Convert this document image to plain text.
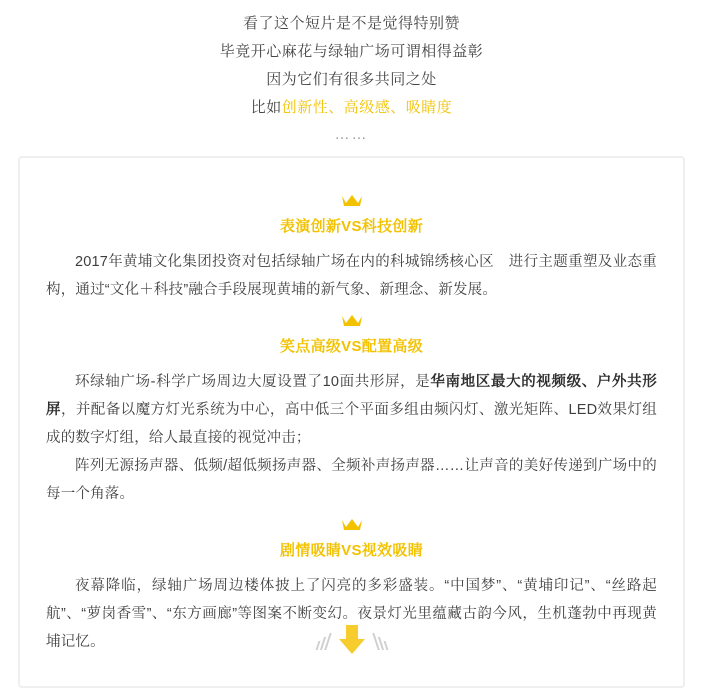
看了这个短片是不是觉得特别赞
毕竟开心麻花与绿轴广场可谓相得益彰
因为它们有很多共同之处
比如创新性、高级感、吸睛度
……
表演创新VS科技创新

2017年黄埔文化集团投资对包括绿轴广场在内的科城锦绣核心区　进行主题重塑及业态重构，通过“文化＋科技”融合手段展现黄埔的新气象、新理念、新发展。

笑点高级VS配置高级

环绿轴广场-科学广场周边大厦设置了10面共形屏，是华南地区最大的视频级、户外共形屏，并配备以魔方灯光系统为中心，高中低三个平面多组由频闪灯、激光矩阵、LED效果灯组成的数字灯组，给人最直接的视觉冲击；

阵列无源扬声器、低频/超低频扬声器、全频补声扬声器……让声音的美好传递到广场中的每一个角落。

剧情吸睛VS视效吸睛

夜幕降临，绿轴广场周边楼体披上了闪亮的多彩盛装。“中国梦”、“黄埔印记”、“丝路起航”、“萝岗香雪”、“东方画廊”等图案不断变幻。夜景灯光里蕴藏古韵今风，生机蓬勃中再现黄埔记忆。
